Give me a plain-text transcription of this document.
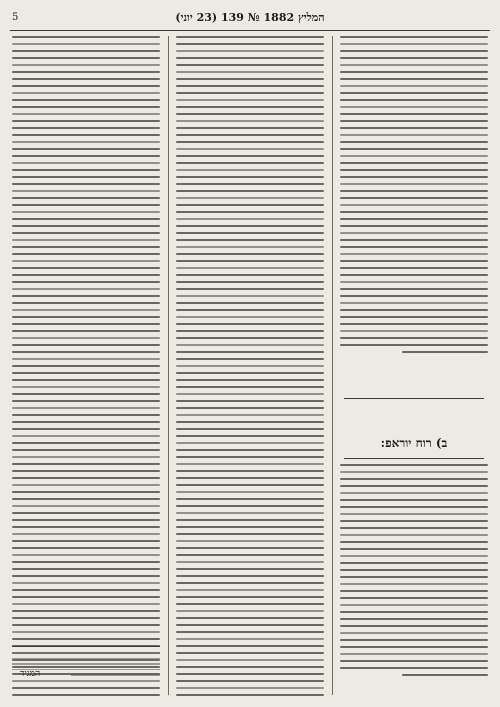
5	המליץ 1882 № 139 (23 יוני)
ב) רוח יוראפ:
המגיד
